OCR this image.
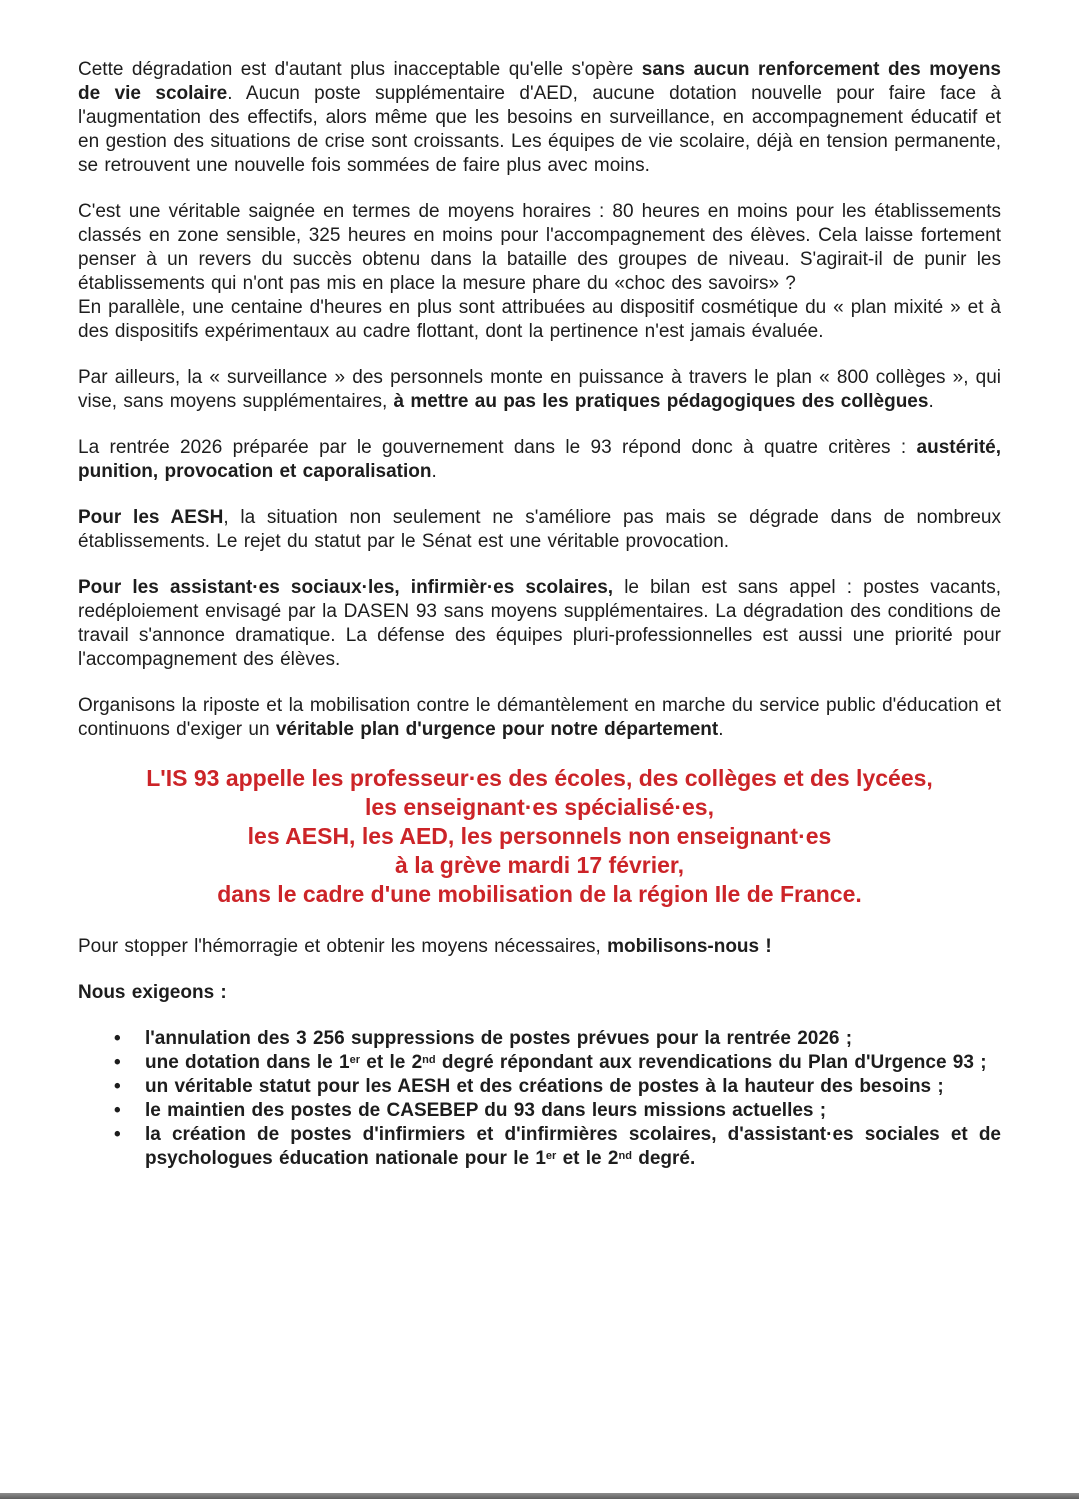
Cette dégradation est d'autant plus inacceptable qu'elle s'opère sans aucun renforcement des moyens de vie scolaire. Aucun poste supplémentaire d'AED, aucune dotation nouvelle pour faire face à l'augmentation des effectifs, alors même que les besoins en surveillance, en accompagnement éducatif et en gestion des situations de crise sont croissants. Les équipes de vie scolaire, déjà en tension permanente, se retrouvent une nouvelle fois sommées de faire plus avec moins.

C'est une véritable saignée en termes de moyens horaires : 80 heures en moins pour les établissements classés en zone sensible, 325 heures en moins pour l'accompagnement des élèves. Cela laisse fortement penser à un revers du succès obtenu dans la bataille des groupes de niveau. S'agirait-il de punir les établissements qui n'ont pas mis en place la mesure phare du «choc des savoirs» ?

En parallèle, une centaine d'heures en plus sont attribuées au dispositif cosmétique du « plan mixité » et à des dispositifs expérimentaux au cadre flottant, dont la pertinence n'est jamais évaluée.

Par ailleurs, la « surveillance » des personnels monte en puissance à travers le plan « 800 collèges », qui vise, sans moyens supplémentaires, à mettre au pas les pratiques pédagogiques des collègues.

La rentrée 2026 préparée par le gouvernement dans le 93 répond donc à quatre critères : austérité, punition, provocation et caporalisation.

Pour les AESH, la situation non seulement ne s'améliore pas mais se dégrade dans de nombreux établissements. Le rejet du statut par le Sénat est une véritable provocation.

Pour les assistant·es sociaux·les, infirmièr·es scolaires, le bilan est sans appel : postes vacants, redéploiement envisagé par la DASEN 93 sans moyens supplémentaires. La dégradation des conditions de travail s'annonce dramatique. La défense des équipes pluri-professionnelles est aussi une priorité pour l'accompagnement des élèves.

Organisons la riposte et la mobilisation contre le démantèlement en marche du service public d'éducation et continuons d'exiger un véritable plan d'urgence pour notre département.

L'IS 93 appelle les professeur·es des écoles, des collèges et des lycées,
les enseignant·es spécialisé·es,
les AESH, les AED, les personnels non enseignant·es
à la grève mardi 17 février,
dans le cadre d'une mobilisation de la région Ile de France.

Pour stopper l'hémorragie et obtenir les moyens nécessaires, mobilisons-nous !

Nous exigeons :

• l'annulation des 3 256 suppressions de postes prévues pour la rentrée 2026 ;
• une dotation dans le 1er et le 2nd degré répondant aux revendications du Plan d'Urgence 93 ;
• un véritable statut pour les AESH et des créations de postes à la hauteur des besoins ;
• le maintien des postes de CASEBEP du 93 dans leurs missions actuelles ;
• la création de postes d'infirmiers et d'infirmières scolaires, d'assistant·es sociales et de psychologues éducation nationale pour le 1er et le 2nd degré.
